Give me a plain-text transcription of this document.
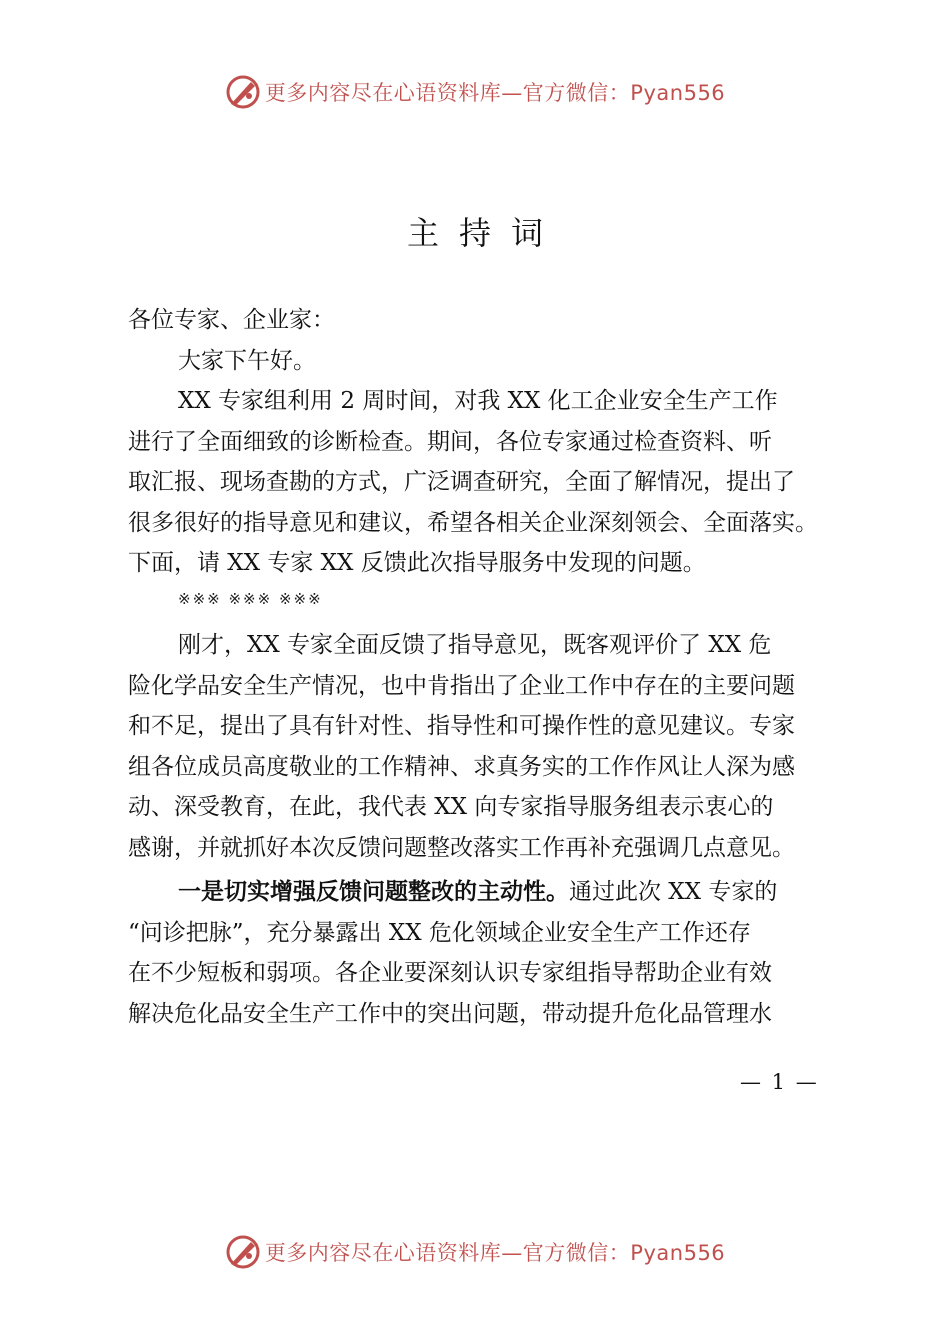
更多内容尽在心语资料库—官方微信：Pyan556
主持词
各位专家、企业家：
大家下午好。
XX 专家组利用 2 周时间，对我 XX 化工企业安全生产工作
进行了全面细致的诊断检查。期间，各位专家通过检查资料、听
取汇报、现场查勘的方式，广泛调查研究，全面了解情况，提出了
很多很好的指导意见和建议，希望各相关企业深刻领会、全面落实。
下面，请 XX 专家 XX 反馈此次指导服务中发现的问题。
※※※ ※※※ ※※※
刚才，XX 专家全面反馈了指导意见，既客观评价了 XX 危
险化学品安全生产情况，也中肯指出了企业工作中存在的主要问题
和不足，提出了具有针对性、指导性和可操作性的意见建议。专家
组各位成员高度敬业的工作精神、求真务实的工作作风让人深为感
动、深受教育，在此，我代表 XX 向专家指导服务组表示衷心的
感谢，并就抓好本次反馈问题整改落实工作再补充强调几点意见。
一是切实增强反馈问题整改的主动性。通过此次 XX 专家的
“问诊把脉”，充分暴露出 XX 危化领域企业安全生产工作还存
在不少短板和弱项。各企业要深刻认识专家组指导帮助企业有效
解决危化品安全生产工作中的突出问题，带动提升危化品管理水
— 1 —
更多内容尽在心语资料库—官方微信：Pyan556
